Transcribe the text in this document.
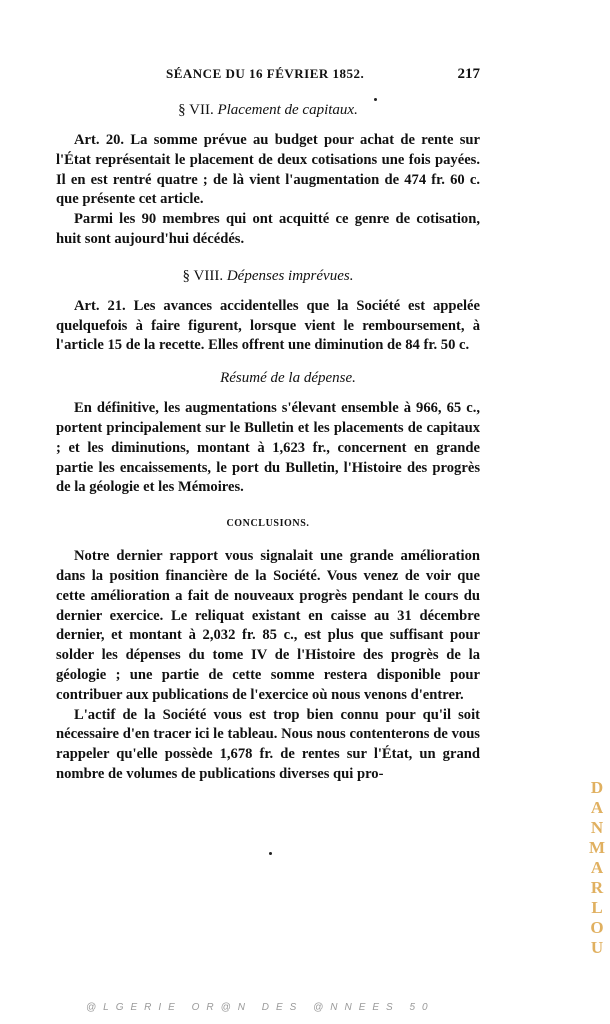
SÉANCE DU 16 FÉVRIER 1852.	217
§ VII. Placement de capitaux.

Art. 20. La somme prévue au budget pour achat de rente sur l'État représentait le placement de deux cotisations une fois payées. Il en est rentré quatre ; de là vient l'augmentation de 474 fr. 60 c. que présente cet article.

Parmi les 90 membres qui ont acquitté ce genre de cotisation, huit sont aujourd'hui décédés.

§ VIII. Dépenses imprévues.

Art. 21. Les avances accidentelles que la Société est appelée quelquefois à faire figurent, lorsque vient le remboursement, à l'article 15 de la recette. Elles offrent une diminution de 84 fr. 50 c.

Résumé de la dépense.

En définitive, les augmentations s'élevant ensemble à 966, 65 c., portent principalement sur le Bulletin et les placements de capitaux ; et les diminutions, montant à 1,623 fr., concernent en grande partie les encaissements, le port du Bulletin, l'Histoire des progrès de la géologie et les Mémoires.

CONCLUSIONS.

Notre dernier rapport vous signalait une grande amélioration dans la position financière de la Société. Vous venez de voir que cette amélioration a fait de nouveaux progrès pendant le cours du dernier exercice. Le reliquat existant en caisse au 31 décembre dernier, et montant à 2,032 fr. 85 c., est plus que suffisant pour solder les dépenses du tome IV de l'Histoire des progrès de la géologie ; une partie de cette somme restera disponible pour contribuer aux publications de l'exercice où nous venons d'entrer.

L'actif de la Société vous est trop bien connu pour qu'il soit nécessaire d'en tracer ici le tableau. Nous nous contenterons de vous rappeler qu'elle possède 1,678 fr. de rentes sur l'État, un grand nombre de volumes de publications diverses qui pro-

DANMARLOU
@LGERIE OR@N DES @NNEES 50
